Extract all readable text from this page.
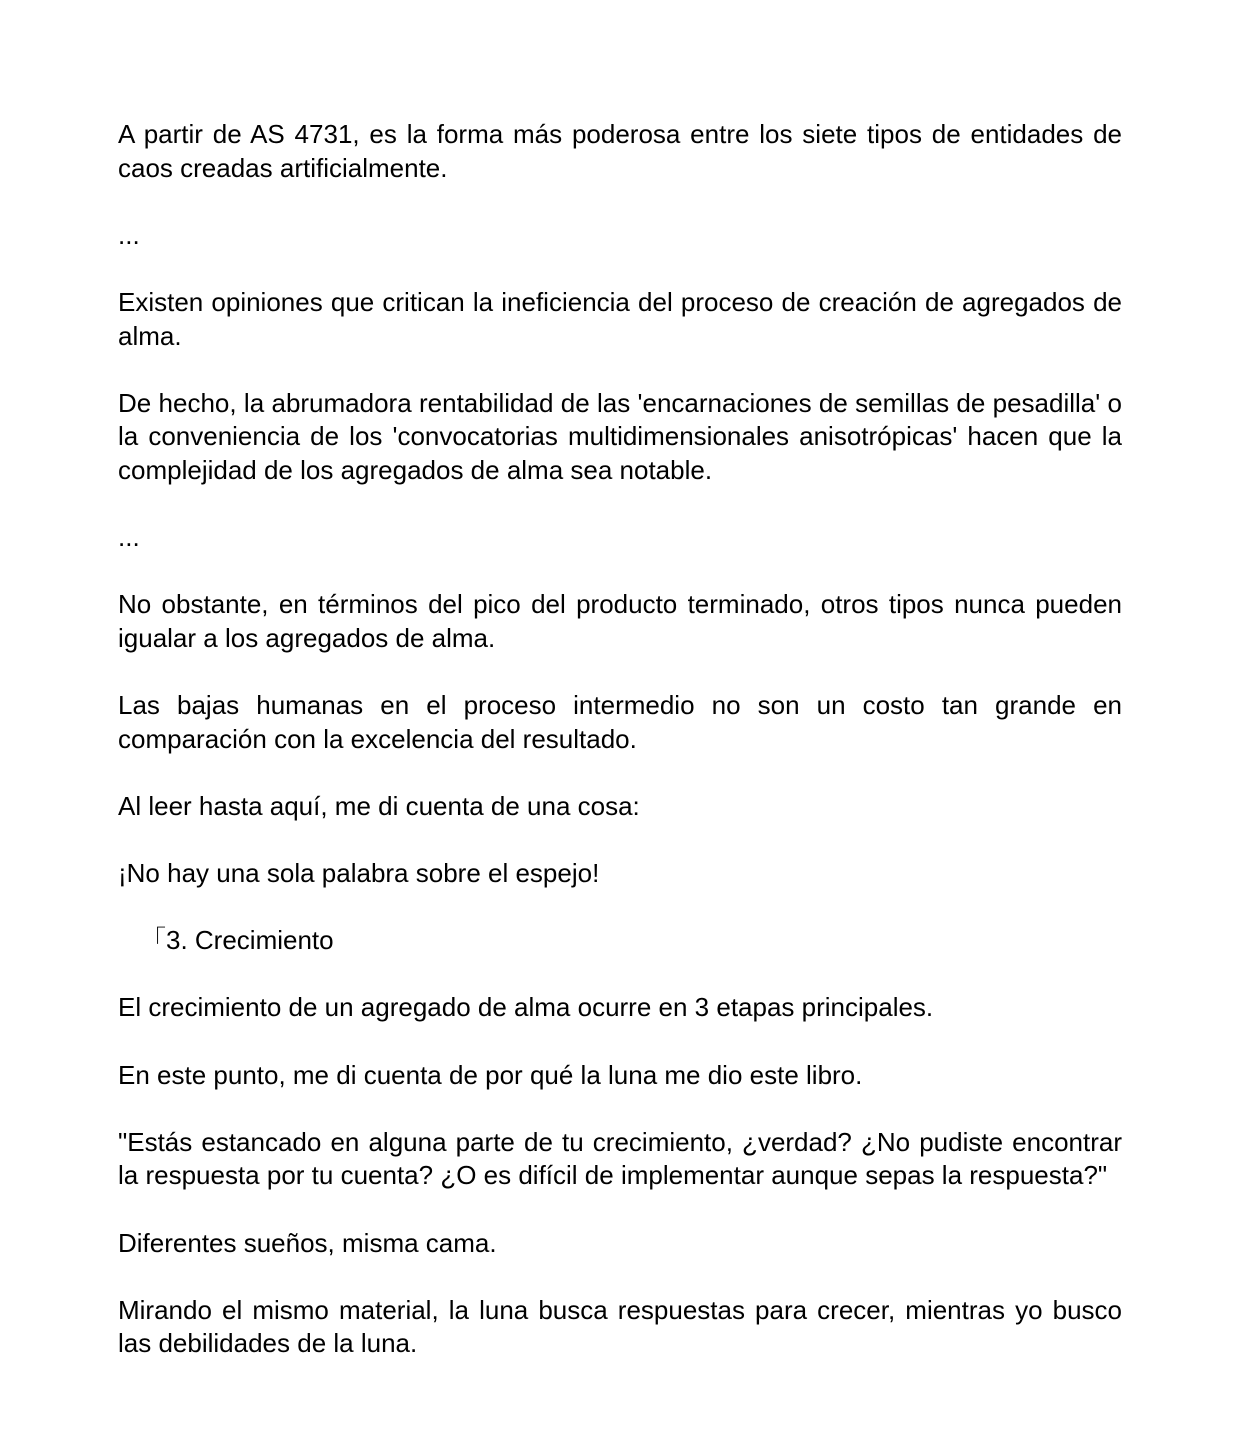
A partir de AS 4731, es la forma más poderosa entre los siete tipos de entidades de caos creadas artificialmente.

...

Existen opiniones que critican la ineficiencia del proceso de creación de agregados de alma.

De hecho, la abrumadora rentabilidad de las 'encarnaciones de semillas de pesadilla' o la conveniencia de los 'convocatorias multidimensionales anisotrópicas' hacen que la complejidad de los agregados de alma sea notable.

...

No obstante, en términos del pico del producto terminado, otros tipos nunca pueden igualar a los agregados de alma.

Las bajas humanas en el proceso intermedio no son un costo tan grande en comparación con la excelencia del resultado.

Al leer hasta aquí, me di cuenta de una cosa:

¡No hay una sola palabra sobre el espejo!

「3. Crecimiento

El crecimiento de un agregado de alma ocurre en 3 etapas principales.

En este punto, me di cuenta de por qué la luna me dio este libro.

"Estás estancado en alguna parte de tu crecimiento, ¿verdad? ¿No pudiste encontrar la respuesta por tu cuenta? ¿O es difícil de implementar aunque sepas la respuesta?"

Diferentes sueños, misma cama.

Mirando el mismo material, la luna busca respuestas para crecer, mientras yo busco las debilidades de la luna.
